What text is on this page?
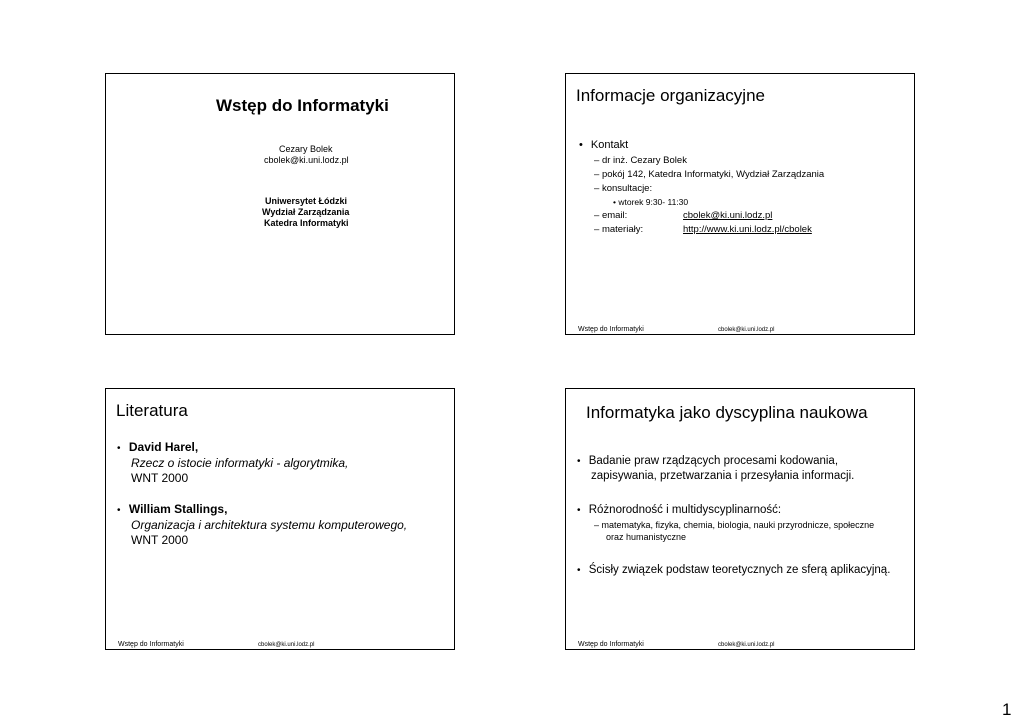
Wstęp do Informatyki
Cezary Bolek
cbolek@ki.uni.lodz.pl
Uniwersytet Łódzki
Wydział Zarządzania
Katedra Informatyki
Informacje organizacyjne
• Kontakt
– dr inż. Cezary Bolek
– pokój 142, Katedra Informatyki, Wydział Zarządzania
– konsultacje:
• wtorek 9:30- 11:30
– email:	cbolek@ki.uni.lodz.pl
– materiały:	http://www.ki.uni.lodz.pl/cbolek
Wstęp do Informatyki	cbolek@ki.uni.lodz.pl
Literatura
• David Harel,
Rzecz o istocie informatyki - algorytmika,
WNT 2000
• William Stallings,
Organizacja i architektura systemu komputerowego,
WNT 2000
Wstęp do Informatyki	cbolek@ki.uni.lodz.pl
Informatyka jako dyscyplina naukowa
• Badanie praw rządzących procesami kodowania,
zapisywania, przetwarzania i przesyłania informacji.
• Różnorodność i multidyscyplinarność:
– matematyka, fizyka, chemia, biologia, nauki przyrodnicze, społeczne
oraz humanistyczne
• Ścisły związek podstaw teoretycznych ze sferą aplikacyjną.
Wstęp do Informatyki	cbolek@ki.uni.lodz.pl
1
